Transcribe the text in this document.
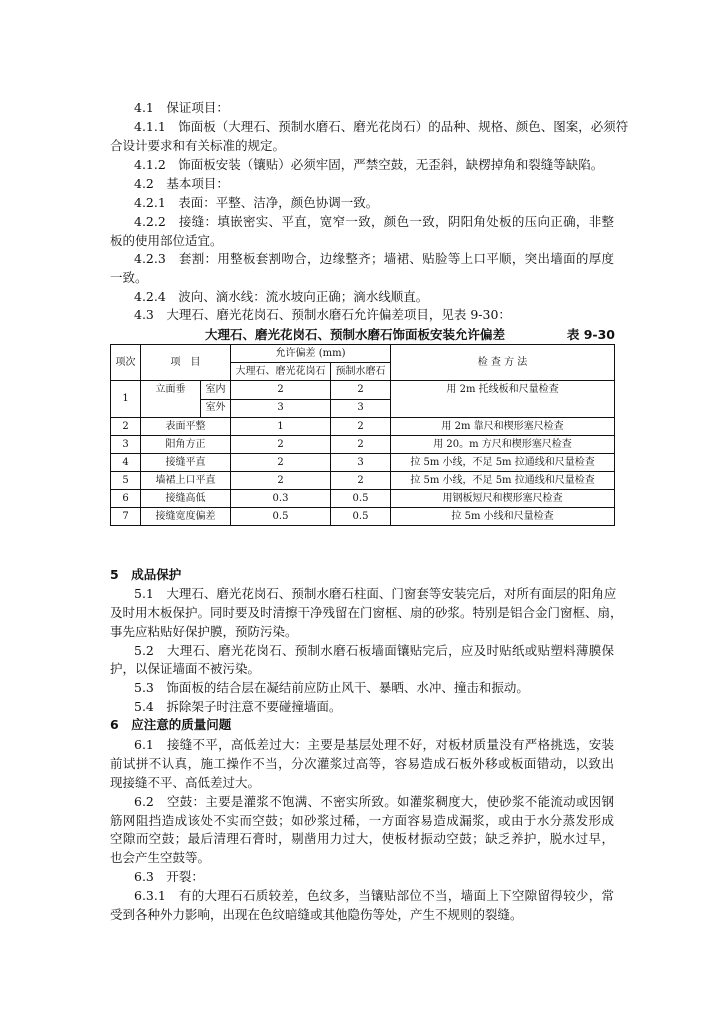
4.1　保证项目：
4.1.1　饰面板（大理石、预制水磨石、磨光花岗石）的品种、规格、颜色、图案，必须符
合设计要求和有关标准的规定。
4.1.2　饰面板安装（镶贴）必须牢固，严禁空鼓，无歪斜，缺楞掉角和裂缝等缺陷。
4.2　基本项目：
4.2.1　表面：平整、洁净，颜色协调一致。
4.2.2　接缝：填嵌密实、平直，宽窄一致，颜色一致，阴阳角处板的压向正确，非整
板的使用部位适宜。
4.2.3　套割：用整板套割吻合，边缘整齐；墙裙、贴脸等上口平顺，突出墙面的厚度
一致。
4.2.4　波向、滴水线：流水坡向正确；滴水线顺直。
4.3　大理石、磨光花岗石、预制水磨石允许偏差项目，见表 9-30：
大理石、磨光花岗石、预制水磨石饰面板安装允许偏差	表 9-30
项次	项　目		允许偏差 (mm)		检 查 方 法
			大理石、磨光花岗石	预制水磨石	
1	立面垂	室内	2	2	用 2m 托线板和尺量检查
		室外	3	3	
2	表面平整		1	2	用 2m 靠尺和楔形塞尺检查
3	阳角方正		2	2	用 20。m 方尺和楔形塞尺检查
4	接缝平直		2	3	拉 5m 小线，不足 5m 拉通线和尺量检查
5	墙裙上口平直		2	2	拉 5m 小线，不足 5m 拉通线和尺量检查
6	接缝高低		0.3	0.5	用钢板短尺和楔形塞尺检查
7	接缝宽度偏差		0.5	0.5	拉 5m 小线和尺量检查
5　成品保护
5.1　大理石、磨光花岗石、预制水磨石柱面、门窗套等安装完后，对所有面层的阳角应
及时用木板保护。同时要及时清擦干净残留在门窗框、扇的砂浆。特别是铝合金门窗框、扇，
事先应粘贴好保护膜，预防污染。
5.2　大理石、磨光花岗石、预制水磨石板墙面镶贴完后，应及时贴纸或贴塑料薄膜保
护，以保证墙面不被污染。
5.3　饰面板的结合层在凝结前应防止风干、暴晒、水冲、撞击和振动。
5.4　拆除架子时注意不要碰撞墙面。
6　应注意的质量问题
6.1　接缝不平，高低差过大：主要是基层处理不好，对板材质量没有严格挑选，安装
前试拼不认真，施工操作不当，分次灌浆过高等，容易造成石板外移或板面错动，以致出
现接缝不平、高低差过大。
6.2　空鼓：主要是灌浆不饱满、不密实所致。如灌浆稠度大，使砂浆不能流动或因钢
筋网阻挡造成该处不实而空鼓；如砂浆过稀，一方面容易造成漏浆，或由于水分蒸发形成
空隙而空鼓；最后清理石膏时，剔凿用力过大，使板材振动空鼓；缺乏养护，脱水过早，
也会产生空鼓等。
6.3　开裂：
6.3.1　有的大理石石质较差，色纹多，当镶贴部位不当，墙面上下空隙留得较少，常
受到各种外力影响，出现在色纹暗缝或其他隐伤等处，产生不规则的裂缝。
